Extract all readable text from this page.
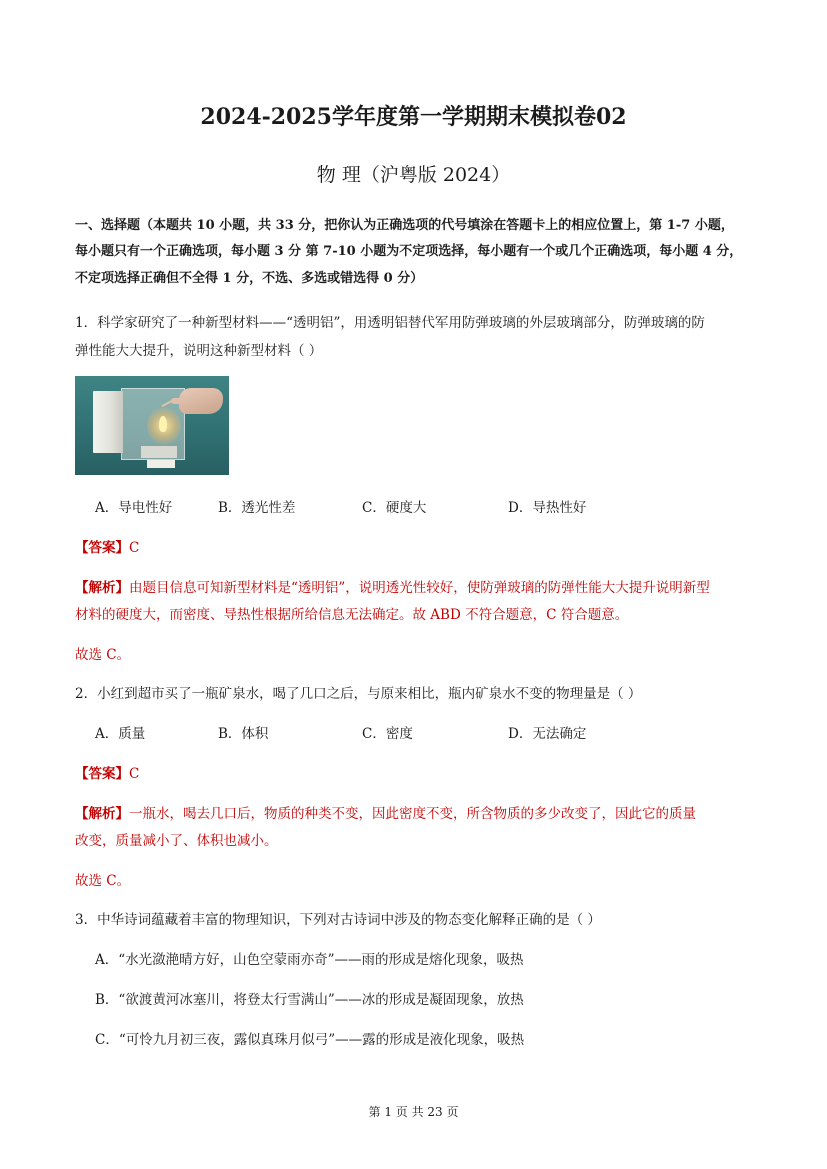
2024-2025学年度第一学期期末模拟卷02
物 理（沪粤版 2024）
一、选择题（本题共 10 小题，共 33 分，把你认为正确选项的代号填涂在答题卡上的相应位置上，第 1-7 小题，
每小题只有一个正确选项，每小题 3 分 第 7-10 小题为不定项选择，每小题有一个或几个正确选项，每小题 4 分，
不定项选择正确但不全得 1 分，不选、多选或错选得 0 分）
1．科学家研究了一种新型材料——“透明铝”，用透明铝替代军用防弹玻璃的外层玻璃部分，防弹玻璃的防
弹性能大大提升，说明这种新型材料（ ）
A．导电性好	B．透光性差	C．硬度大	D．导热性好
【答案】C
【解析】由题目信息可知新型材料是“透明铝”，说明透光性较好，使防弹玻璃的防弹性能大大提升说明新型
材料的硬度大，而密度、导热性根据所给信息无法确定。故 ABD 不符合题意，C 符合题意。
故选 C。
2．小红到超市买了一瓶矿泉水，喝了几口之后，与原来相比，瓶内矿泉水不变的物理量是（ ）
A．质量	B．体积	C．密度	D．无法确定
【答案】C
【解析】一瓶水，喝去几口后，物质的种类不变，因此密度不变，所含物质的多少改变了，因此它的质量
改变，质量减小了、体积也减小。
故选 C。
3．中华诗词蕴藏着丰富的物理知识，下列对古诗词中涉及的物态变化解释正确的是（ ）
A．“水光潋滟晴方好，山色空蒙雨亦奇”——雨的形成是熔化现象，吸热
B．“欲渡黄河冰塞川，将登太行雪满山”——冰的形成是凝固现象，放热
C．“可怜九月初三夜，露似真珠月似弓”——露的形成是液化现象，吸热
第 1 页 共 23 页
